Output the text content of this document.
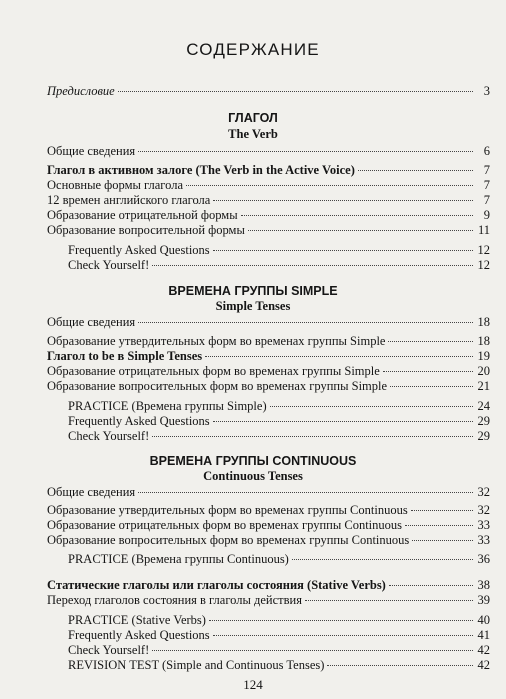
СОДЕРЖАНИЕ
Предисловие	3
ГЛАГОЛ
The Verb
Общие сведения	6
Глагол в активном залоге (The Verb in the Active Voice)	7
Основные формы глагола	7
12 времен английского глагола	7
Образование отрицательной формы	9
Образование вопросительной формы	11
Frequently Asked Questions	12
Check Yourself!	12
ВРЕМЕНА ГРУППЫ SIMPLE
Simple Tenses
Общие сведения	18
Образование утвердительных форм во временах группы Simple	18
Глагол to be в Simple Tenses	19
Образование отрицательных форм во временах группы Simple	20
Образование вопросительных форм во временах группы Simple	21
PRACTICE (Времена группы Simple)	24
Frequently Asked Questions	29
Check Yourself!	29
ВРЕМЕНА ГРУППЫ CONTINUOUS
Continuous Tenses
Общие сведения	32
Образование утвердительных форм во временах группы Continuous	32
Образование отрицательных форм во временах группы Continuous	33
Образование вопросительных форм во временах группы Continuous	33
PRACTICE (Времена группы Continuous)	36
Статические глаголы или глаголы состояния (Stative Verbs)	38
Переход глаголов состояния в глаголы действия	39
PRACTICE (Stative Verbs)	40
Frequently Asked Questions	41
Check Yourself!	42
REVISION TEST (Simple and Continuous Tenses)	42
124
